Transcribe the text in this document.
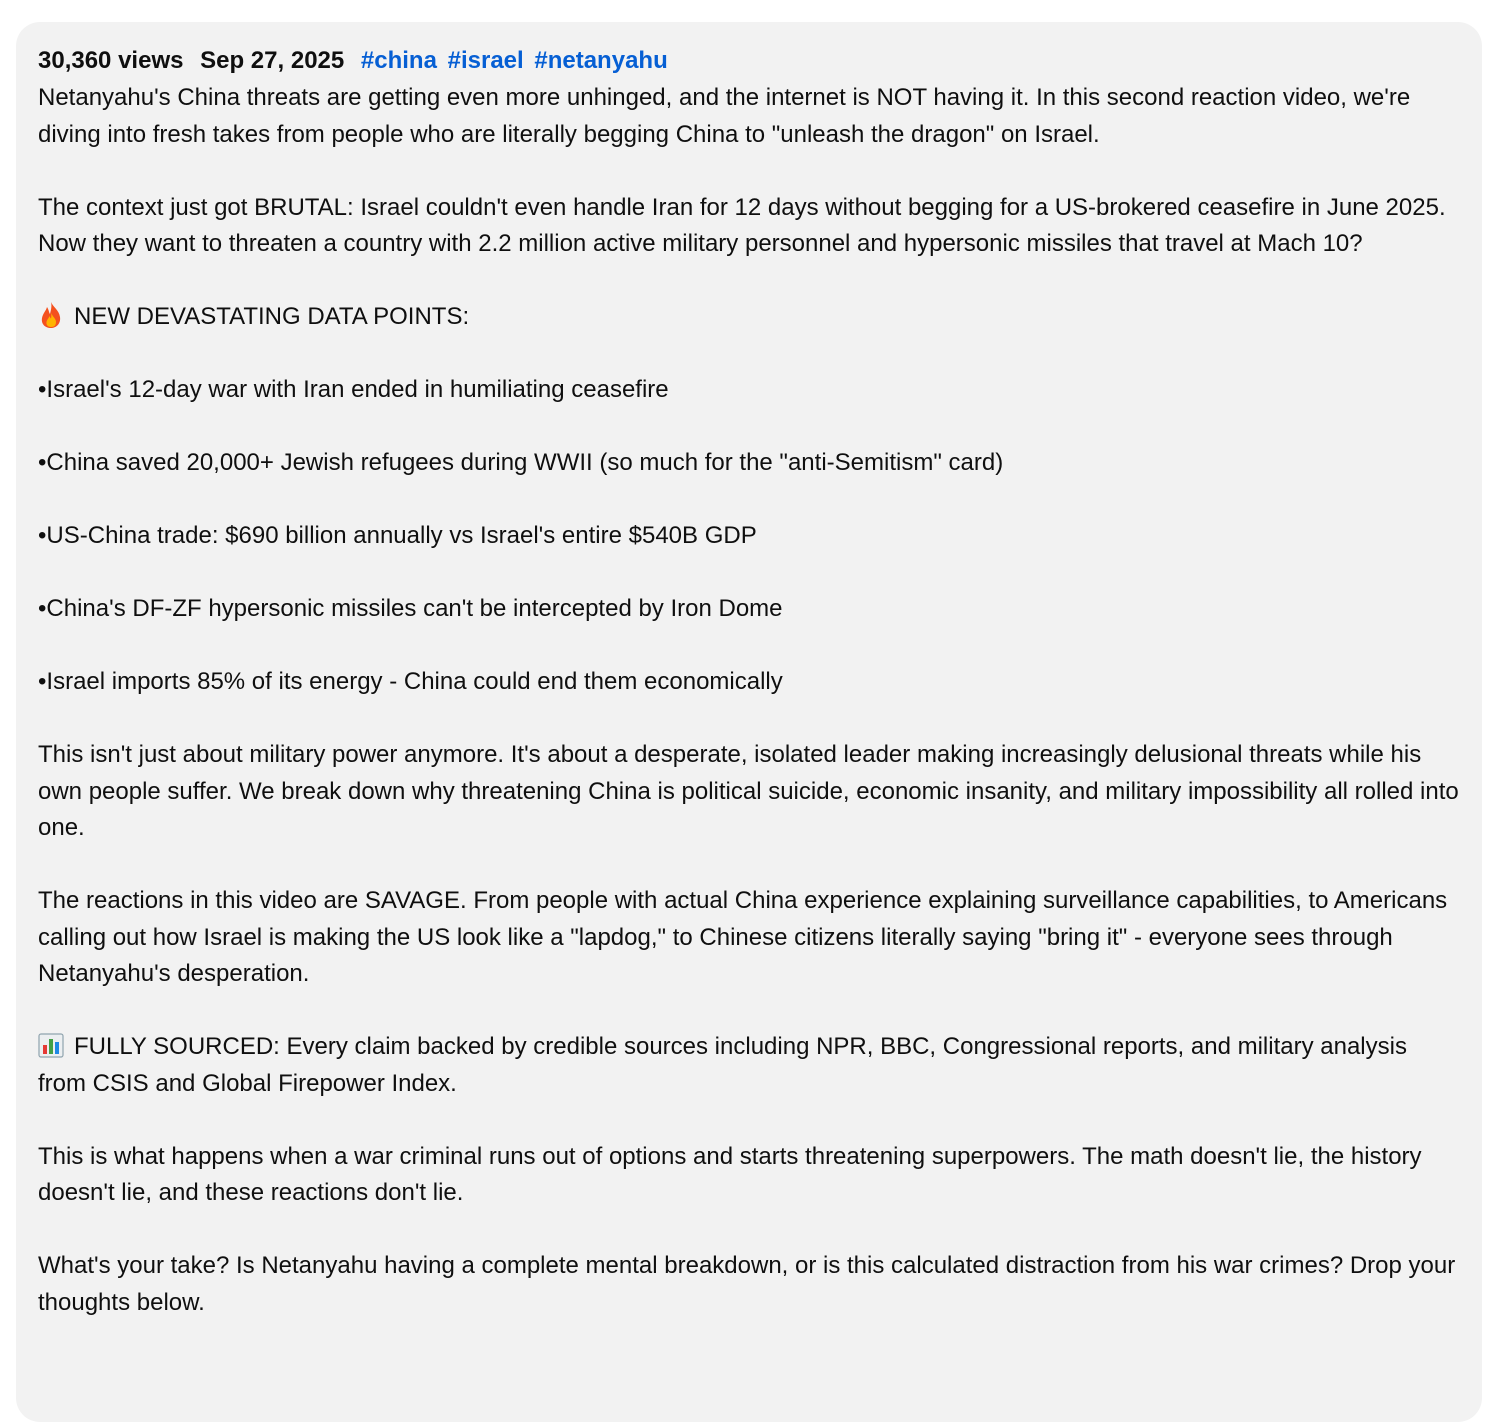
30,360 views Sep 27, 2025 #china #israel #netanyahu

Netanyahu's China threats are getting even more unhinged, and the internet is NOT having it. In this second reaction video, we're diving into fresh takes from people who are literally begging China to "unleash the dragon" on Israel.

The context just got BRUTAL: Israel couldn't even handle Iran for 12 days without begging for a US-brokered ceasefire in June 2025. Now they want to threaten a country with 2.2 million active military personnel and hypersonic missiles that travel at Mach 10?

NEW DEVASTATING DATA POINTS:

•Israel's 12-day war with Iran ended in humiliating ceasefire

•China saved 20,000+ Jewish refugees during WWII (so much for the "anti-Semitism" card)

•US-China trade: $690 billion annually vs Israel's entire $540B GDP

•China's DF-ZF hypersonic missiles can't be intercepted by Iron Dome

•Israel imports 85% of its energy - China could end them economically

This isn't just about military power anymore. It's about a desperate, isolated leader making increasingly delusional threats while his own people suffer. We break down why threatening China is political suicide, economic insanity, and military impossibility all rolled into one.

The reactions in this video are SAVAGE. From people with actual China experience explaining surveillance capabilities, to Americans calling out how Israel is making the US look like a "lapdog," to Chinese citizens literally saying "bring it" - everyone sees through Netanyahu's desperation.

FULLY SOURCED: Every claim backed by credible sources including NPR, BBC, Congressional reports, and military analysis from CSIS and Global Firepower Index.

This is what happens when a war criminal runs out of options and starts threatening superpowers. The math doesn't lie, the history doesn't lie, and these reactions don't lie.

What's your take? Is Netanyahu having a complete mental breakdown, or is this calculated distraction from his war crimes? Drop your thoughts below.
